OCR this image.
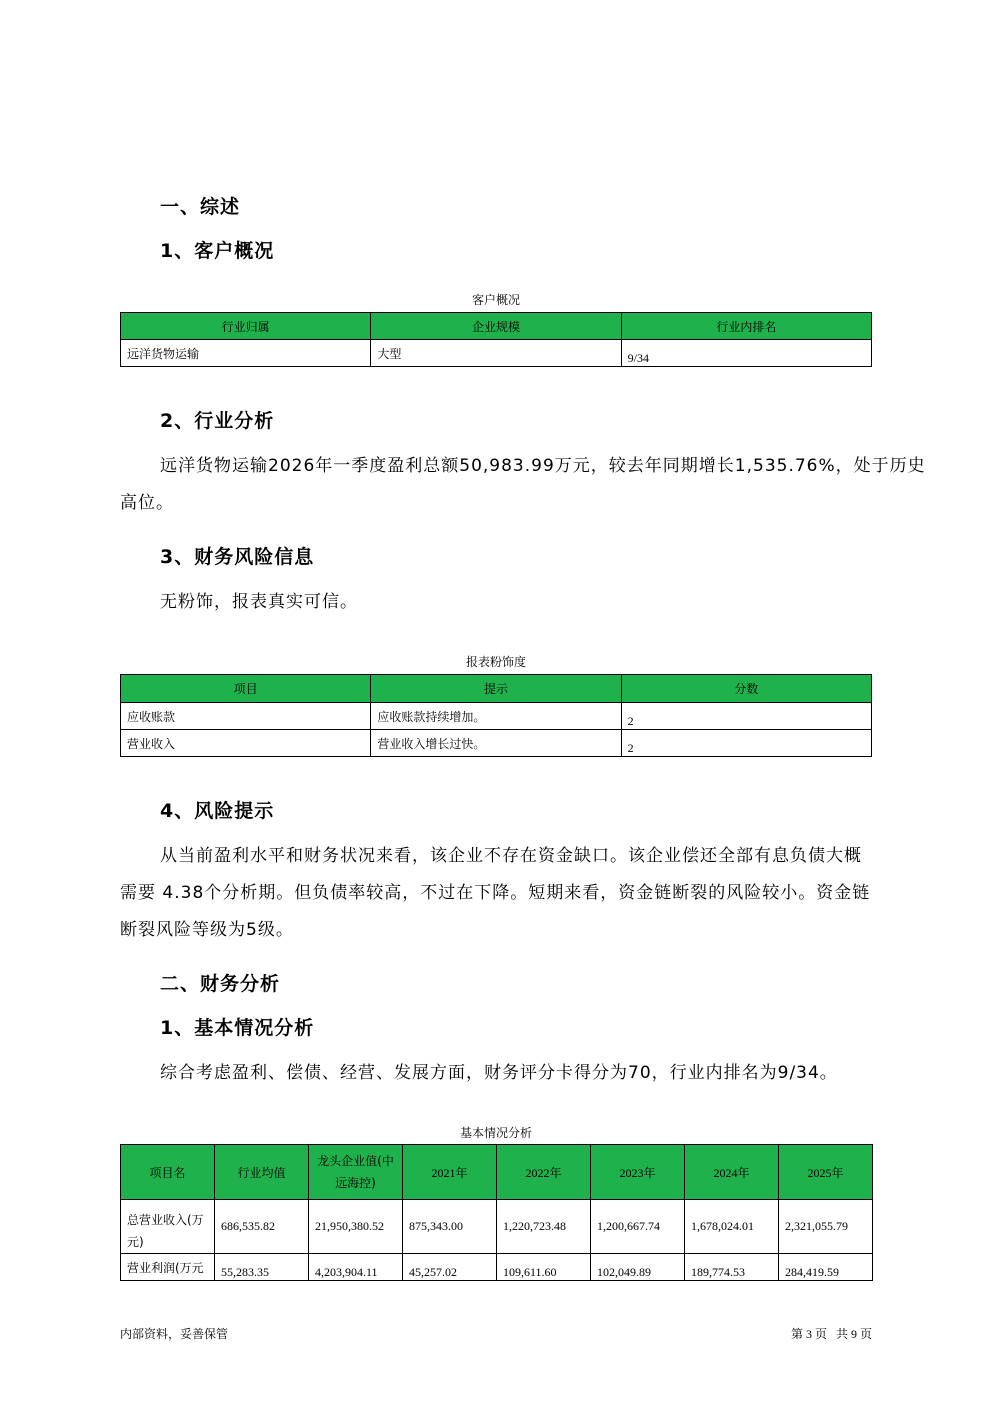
一、综述
1、客户概况
客户概况
行业归属	企业规模	行业内排名
远洋货物运输	大型	9/34
2、行业分析
远洋货物运输2026年一季度盈利总额50,983.99万元，较去年同期增长1,535.76%，处于历史
高位。
3、财务风险信息
无粉饰，报表真实可信。
报表粉饰度
项目	提示	分数
应收账款	应收账款持续增加。	2
营业收入	营业收入增长过快。	2
4、风险提示
从当前盈利水平和财务状况来看，该企业不存在资金缺口。该企业偿还全部有息负债大概
需要 4.38个分析期。但负债率较高，不过在下降。短期来看，资金链断裂的风险较小。资金链
断裂风险等级为5级。
二、财务分析
1、基本情况分析
综合考虑盈利、偿债、经营、发展方面，财务评分卡得分为70，行业内排名为9/34。
基本情况分析
项目名	行业均值	龙头企业值(中远海控)	2021年	2022年	2023年	2024年	2025年
总营业收入(万元)	686,535.82	21,950,380.52	875,343.00	1,220,723.48	1,200,667.74	1,678,024.01	2,321,055.79
营业利润(万元	55,283.35	4,203,904.11	45,257.02	109,611.60	102,049.89	189,774.53	284,419.59
内部资料，妥善保管	第 3 页   共 9 页
